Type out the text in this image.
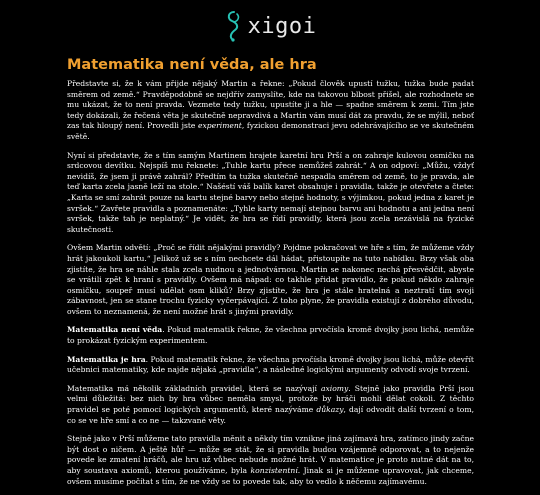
xigoi
Matematika není věda, ale hra

Představte si, že k vám přijde nějaký Martin a řekne: „Pokud člověk upustí tužku, tužka bude padat směrem od země.“ Pravděpodobně se nejdřív zamyslíte, kde na takovou blbost přišel, ale rozhodnete se mu ukázat, že to není pravda. Vezmete tedy tužku, upustíte ji a hle — spadne směrem k zemi. Tím jste tedy dokázali, že řečená věta je skutečně nepravdivá a Martin vám musí dát za pravdu, že se mýlil, neboť zas tak hloupý není. Provedli jste experiment, fyzickou demonstraci jevu odehrávajícího se ve skutečném světě.

Nyní si představte, že s tím samým Martinem hrajete karetní hru Prší a on zahraje kulovou osmičku na srdcovou devítku. Nejspíš mu řeknete: „Tuhle kartu přece nemůžeš zahrát.“ A on odpoví: „Můžu, vždyť nevidíš, že jsem ji právě zahrál? Předtím ta tužka skutečně nespadla směrem od země, to je pravda, ale teď karta zcela jasně leží na stole.“ Našéstí váš balík karet obsahuje i pravidla, takže je otevřete a čtete: „Karta se smí zahrát pouze na kartu stejné barvy nebo stejné hodnoty, s výjimkou, pokud jedna z karet je svršek.“ Zavřete pravidla a poznamenáte: „Tyhle karty nemají stejnou barvu ani hodnotu a ani jedna není svršek, takže tah je neplatný.“ Je vidět, že hra se řídí pravidly, která jsou zcela nezávislá na fyzické skutečnosti.

Ovšem Martin odvětí: „Proč se řídit nějakými pravidly? Pojdme pokračovat ve hře s tím, že můžeme vždy hrát jakoukoli kartu.“ Jelikož už se s ním nechcete dál hádat, přistoupíte na tuto nabídku. Brzy však oba zjistíte, že hra se náhle stala zcela nudnou a jednotvárnou. Martin se nakonec nechá přesvědčit, abyste se vrátili zpět k hraní s pravidly. Ovšem má nápad: co takhle přidat pravidlo, že pokud někdo zahraje osmičku, soupeř musí udělat osm kliků? Brzy zjistíte, že hra je stále hratelná a neztratí tím svoji zábavnost, jen se stane trochu fyzicky vyčerpávající. Z toho plyne, že pravidla existují z dobrého důvodu, ovšem to neznamená, že není možné hrát s jinými pravidly.

Matematika není věda. Pokud matematik řekne, že všechna prvočísla kromě dvojky jsou lichá, nemůže to prokázat fyzickým experimentem.

Matematika je hra. Pokud matematik řekne, že všechna prvočísla kromě dvojky jsou lichá, může otevřít učebnici matematiky, kde najde nějaká „pravidla“, a následné logickými argumenty odvodí svoje tvrzení.

Matematika má několik základních pravidel, která se nazývají axiomy. Stejně jako pravidla Prší jsou velmi důležitá: bez nich by hra vůbec neměla smysl, protože by hráči mohli dělat cokoli. Z těchto pravidel se poté pomocí logických argumentů, které nazýváme důkazy, dají odvodit další tvrzení o tom, co se ve hře smí a co ne — takzvané věty.

Stejně jako v Prší můžeme tato pravidla měnit a někdy tím vznikne jiná zajímavá hra, zatímco jindy začne být dost o ničem. A ještě hůř — může se stát, že si pravidla budou vzájemně odporovat, a to nejenže povede ke zmatení hráčů, ale hru už vůbec nebude možné hrát. V matematice je proto nutné dát na to, aby soustava axiomů, kterou používáme, byla konzistentní. Jinak si je můžeme upravovat, jak chceme, ovšem musíme počítat s tím, že ne vždy se to povede tak, aby to vedlo k něčemu zajímavému.
